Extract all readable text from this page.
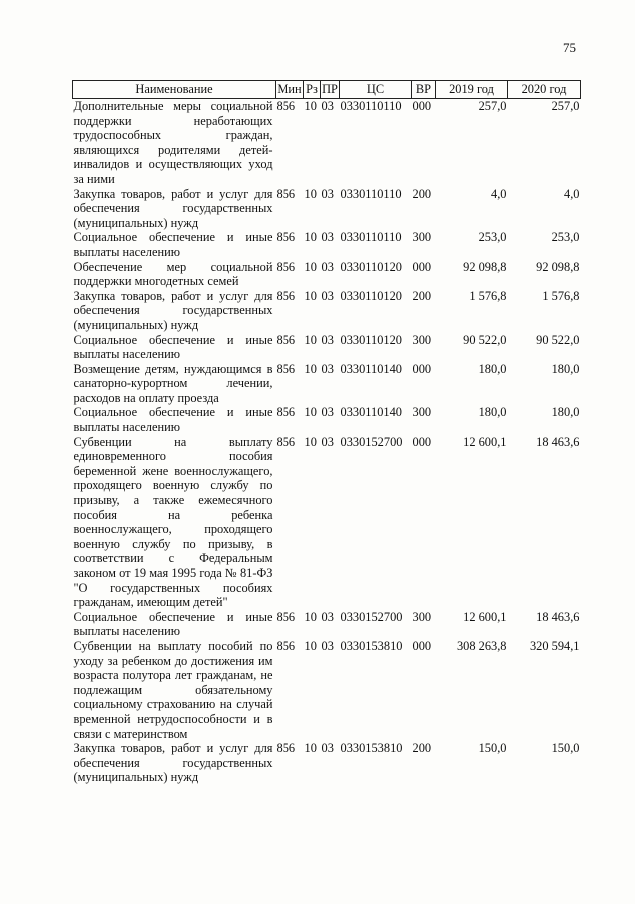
75
Наименование	Мин	Рз	ПР	ЦС	ВР	2019 год	2020 год
Дополнительные меры социальной поддержки неработающих трудоспособных граждан, являющихся родителями детей-инвалидов и осуществляющих уход за ними	856	10	03	0330110110	000	257,0	257,0
Закупка товаров, работ и услуг для обеспечения государственных (муниципальных) нужд	856	10	03	0330110110	200	4,0	4,0
Социальное обеспечение и иные выплаты населению	856	10	03	0330110110	300	253,0	253,0
Обеспечение мер социальной поддержки многодетных семей	856	10	03	0330110120	000	92 098,8	92 098,8
Закупка товаров, работ и услуг для обеспечения государственных (муниципальных) нужд	856	10	03	0330110120	200	1 576,8	1 576,8
Социальное обеспечение и иные выплаты населению	856	10	03	0330110120	300	90 522,0	90 522,0
Возмещение детям, нуждающимся в санаторно-курортном лечении, расходов на оплату проезда	856	10	03	0330110140	000	180,0	180,0
Социальное обеспечение и иные выплаты населению	856	10	03	0330110140	300	180,0	180,0
Субвенции на выплату единовременного пособия беременной жене военнослужащего, проходящего военную службу по призыву, а также ежемесячного пособия на ребенка военнослужащего, проходящего военную службу по призыву, в соответствии с Федеральным законом от 19 мая 1995 года № 81-ФЗ "О государственных пособиях гражданам, имеющим детей"	856	10	03	0330152700	000	12 600,1	18 463,6
Социальное обеспечение и иные выплаты населению	856	10	03	0330152700	300	12 600,1	18 463,6
Субвенции на выплату пособий по уходу за ребенком до достижения им возраста полутора лет гражданам, не подлежащим обязательному социальному страхованию на случай временной нетрудоспособности и в связи с материнством	856	10	03	0330153810	000	308 263,8	320 594,1
Закупка товаров, работ и услуг для обеспечения государственных (муниципальных) нужд	856	10	03	0330153810	200	150,0	150,0
